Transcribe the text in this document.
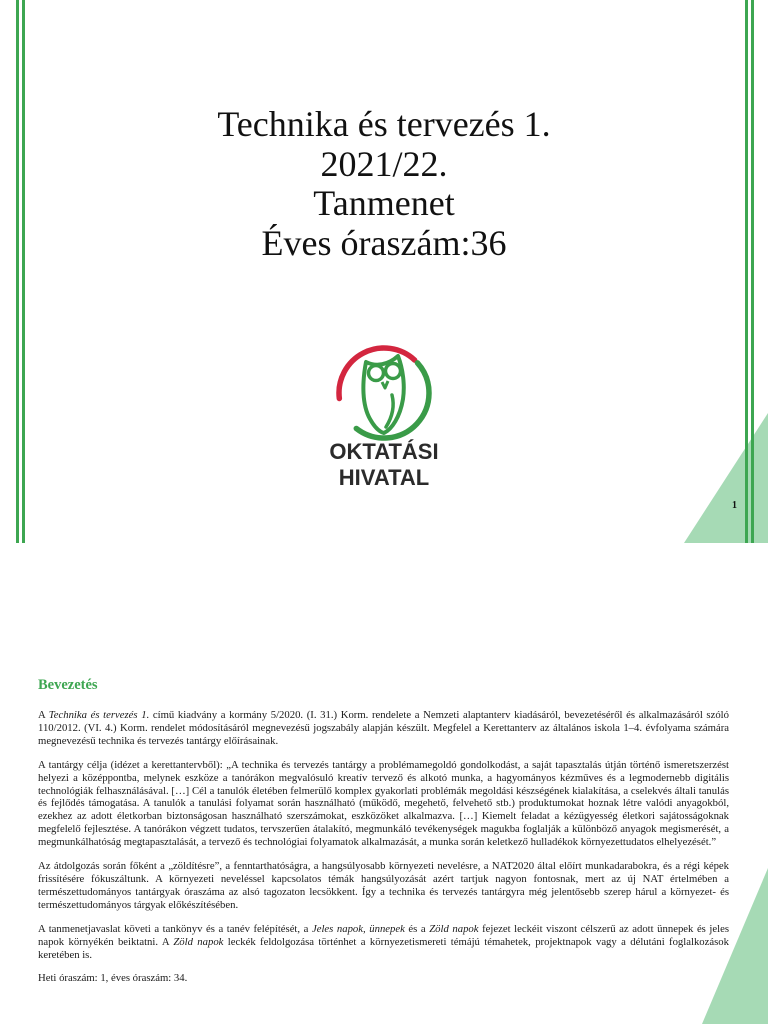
Technika és tervezés 1.
2021/22.
Tanmenet
Éves óraszám:36
OKTATÁSI
HIVATAL
1
Bevezetés

A Technika és tervezés 1. című kiadvány a kormány 5/2020. (I. 31.) Korm. rendelete a Nemzeti alaptanterv kiadásáról, bevezetéséről és alkalmazásáról szóló 110/2012. (VI. 4.) Korm. rendelet módosításáról megnevezésű jogszabály alapján készült. Megfelel a Kerettanterv az általános iskola 1–4. évfolyama számára megnevezésű technika és tervezés tantárgy előírásainak.

A tantárgy célja (idézet a kerettantervből): „A technika és tervezés tantárgy a problémamegoldó gondolkodást, a saját tapasztalás útján történő ismeretszerzést helyezi a középpontba, melynek eszköze a tanórákon megvalósuló kreatív tervező és alkotó munka, a hagyományos kézműves és a legmodernebb digitális technológiák felhasználásával. […] Cél a tanulók életében felmerülő komplex gyakorlati problémák megoldási készségének kialakítása, a cselekvés általi tanulás és fejlődés támogatása. A tanulók a tanulási folyamat során használható (működő, megehető, felvehető stb.) produktumokat hoznak létre valódi anyagokból, ezekhez az adott életkorban biztonságosan használható szerszámokat, eszközöket alkalmazva. […] Kiemelt feladat a kézügyesség életkori sajátosságoknak megfelelő fejlesztése. A tanórákon végzett tudatos, tervszerűen átalakító, megmunkáló tevékenységek magukba foglalják a különböző anyagok megismerését, a megmunkálhatóság megtapasztalását, a tervező és technológiai folyamatok alkalmazását, a munka során keletkező hulladékok környezettudatos elhelyezését.”

Az átdolgozás során főként a „zöldítésre”, a fenntarthatóságra, a hangsúlyosabb környezeti nevelésre, a NAT2020 által előírt munkadarabokra, és a régi képek frissítésére fókuszáltunk. A környezeti neveléssel kapcsolatos témák hangsúlyozását azért tartjuk nagyon fontosnak, mert az új NAT értelmében a természettudományos tantárgyak óraszáma az alsó tagozaton lecsökkent. Így a technika és tervezés tantárgyra még jelentősebb szerep hárul a környezet- és természettudományos tárgyak előkészítésében.

A tanmenetjavaslat követi a tankönyv és a tanév felépítését, a Jeles napok, ünnepek és a Zöld napok fejezet leckéit viszont célszerű az adott ünnepek és jeles napok környékén beiktatni. A Zöld napok leckék feldolgozása történhet a környezetismereti témájú témahetek, projektnapok vagy a délutáni foglalkozások keretében is.

Heti óraszám: 1, éves óraszám: 34.
